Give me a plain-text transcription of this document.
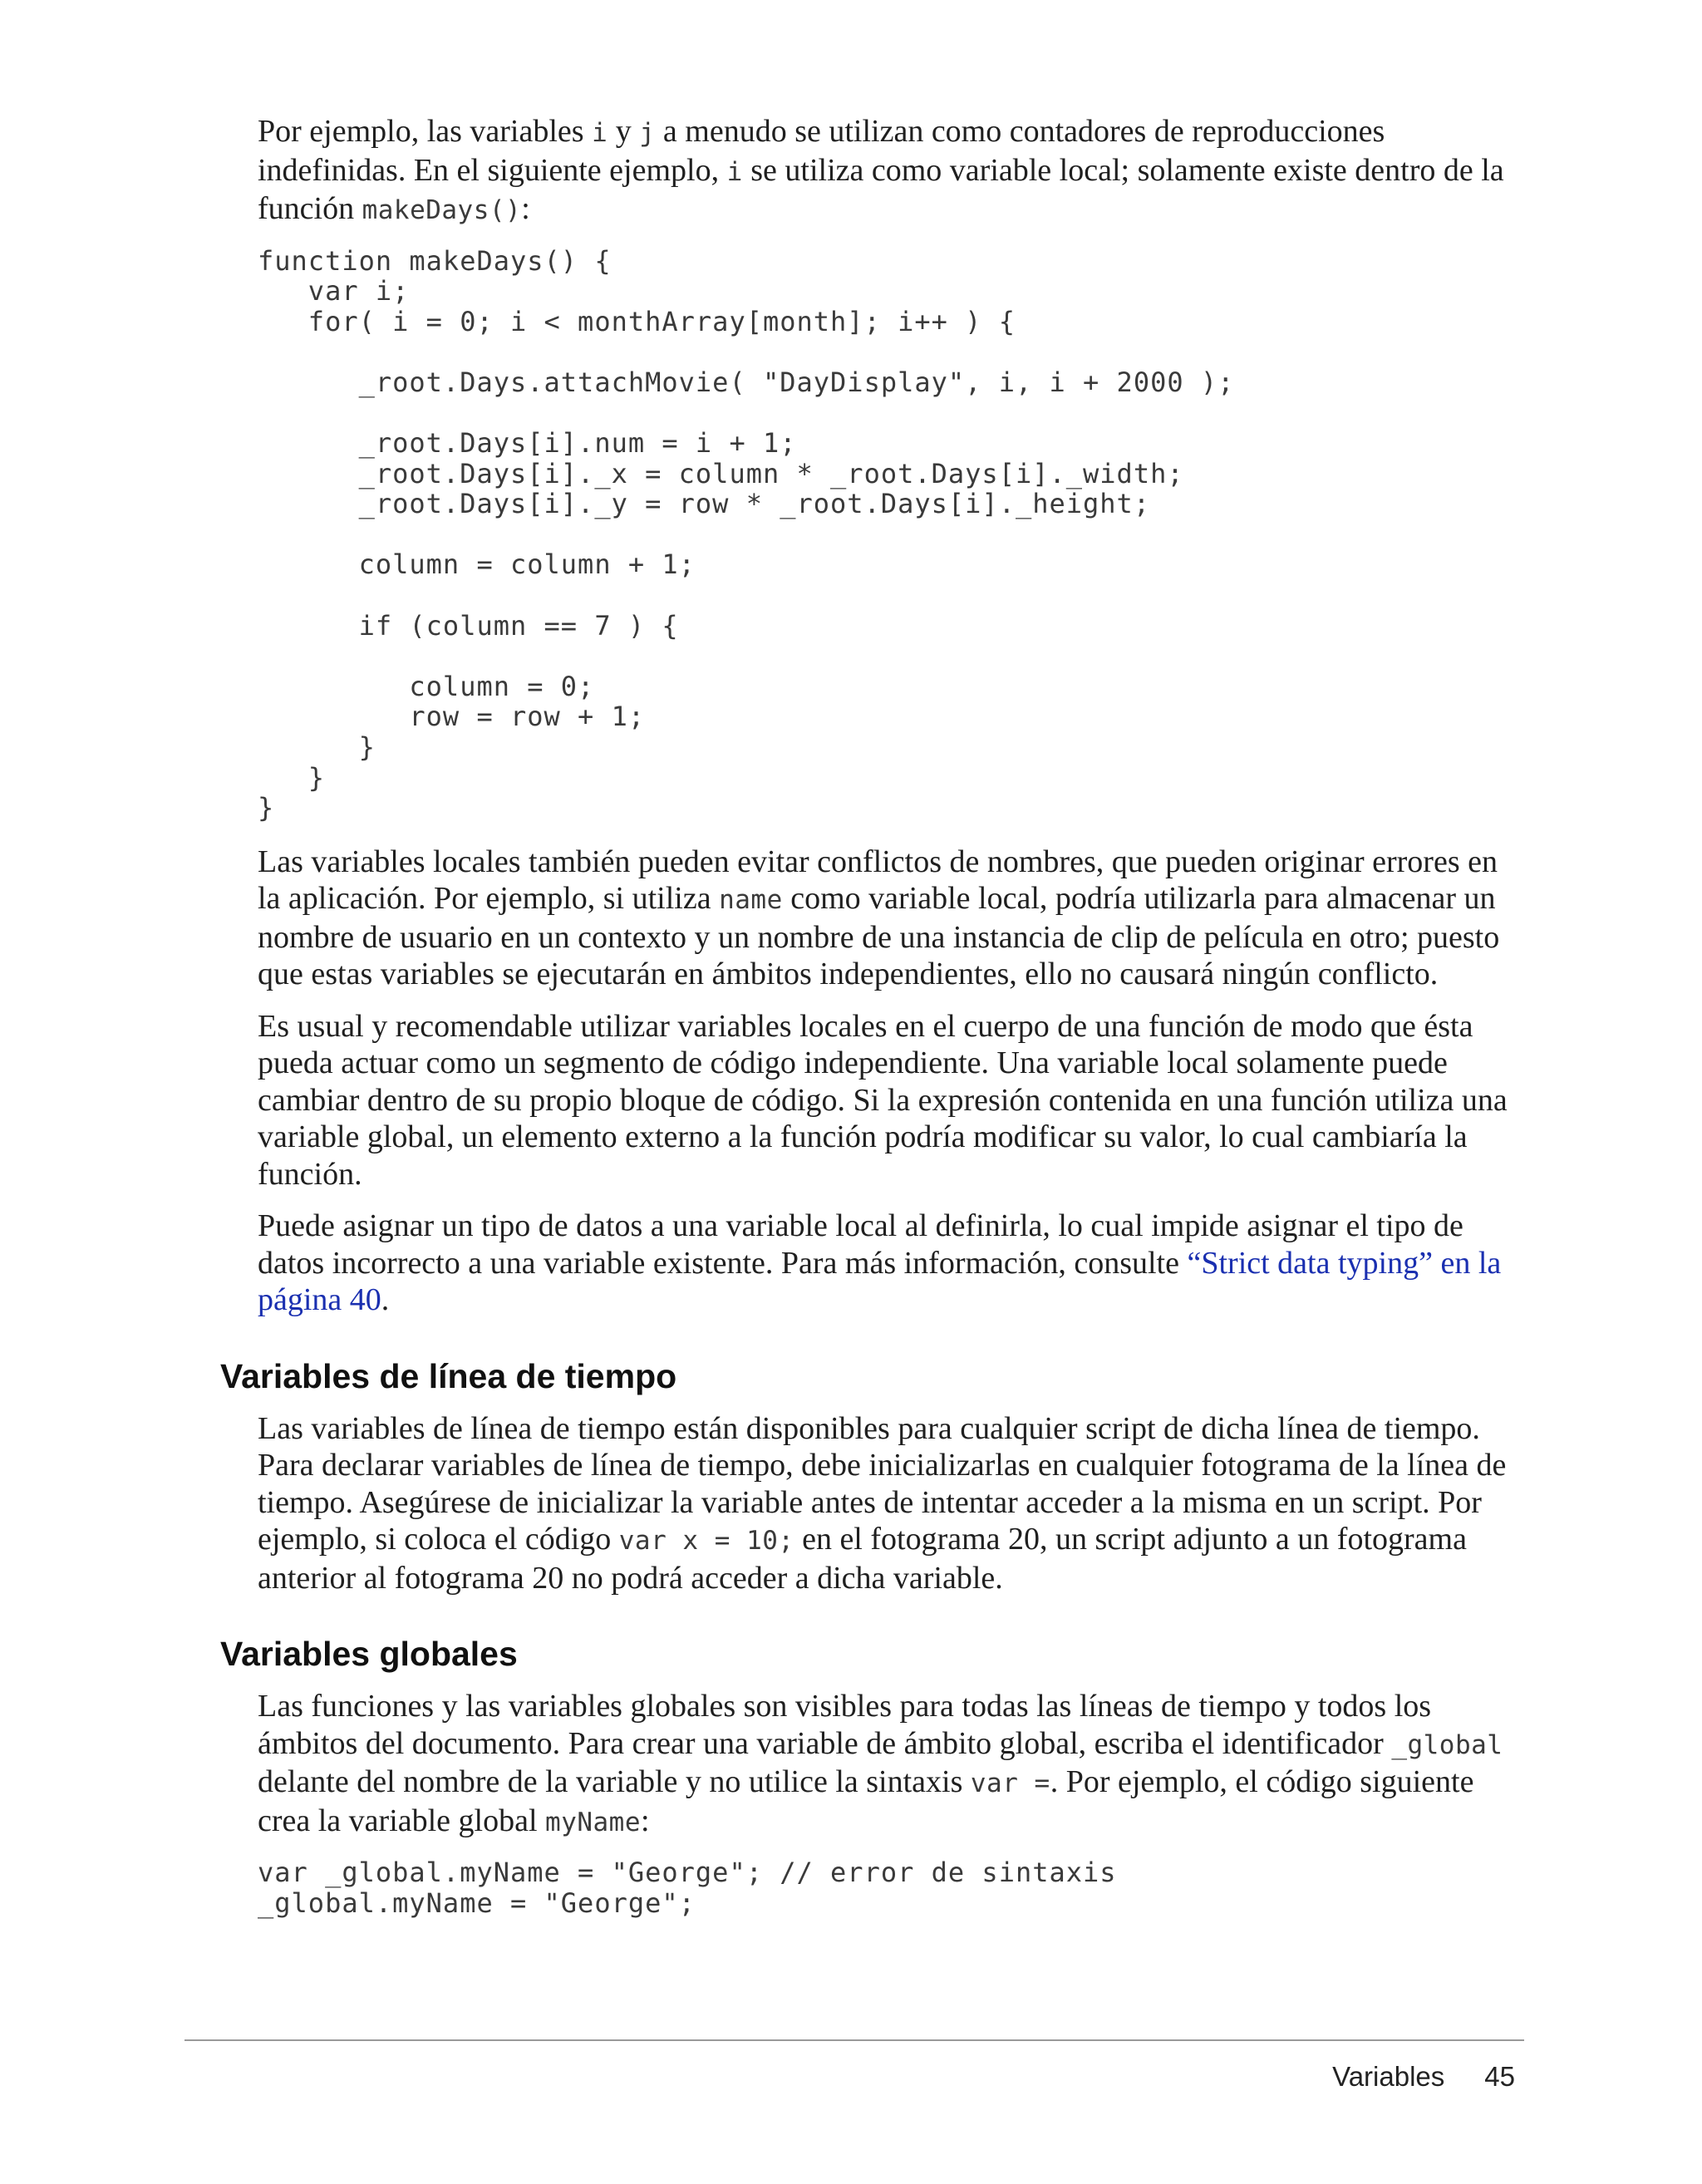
Por ejemplo, las variables i y j a menudo se utilizan como contadores de reproducciones indefinidas. En el siguiente ejemplo, i se utiliza como variable local; solamente existe dentro de la función makeDays():

function makeDays() {
var i;
for( i = 0; i < monthArray[month]; i++ ) {

_root.Days.attachMovie( "DayDisplay", i, i + 2000 );

_root.Days[i].num = i + 1;
_root.Days[i]._x = column * _root.Days[i]._width;
_root.Days[i]._y = row * _root.Days[i]._height;

column = column + 1;

if (column == 7 ) {

column = 0;
row = row + 1;
}
}
}

Las variables locales también pueden evitar conflictos de nombres, que pueden originar errores en la aplicación. Por ejemplo, si utiliza name como variable local, podría utilizarla para almacenar un nombre de usuario en un contexto y un nombre de una instancia de clip de película en otro; puesto que estas variables se ejecutarán en ámbitos independientes, ello no causará ningún conflicto.

Es usual y recomendable utilizar variables locales en el cuerpo de una función de modo que ésta pueda actuar como un segmento de código independiente. Una variable local solamente puede cambiar dentro de su propio bloque de código. Si la expresión contenida en una función utiliza una variable global, un elemento externo a la función podría modificar su valor, lo cual cambiaría la función.

Puede asignar un tipo de datos a una variable local al definirla, lo cual impide asignar el tipo de datos incorrecto a una variable existente. Para más información, consulte “Strict data typing” en la página 40.

Variables de línea de tiempo

Las variables de línea de tiempo están disponibles para cualquier script de dicha línea de tiempo. Para declarar variables de línea de tiempo, debe inicializarlas en cualquier fotograma de la línea de tiempo. Asegúrese de inicializar la variable antes de intentar acceder a la misma en un script. Por ejemplo, si coloca el código var x = 10; en el fotograma 20, un script adjunto a un fotograma anterior al fotograma 20 no podrá acceder a dicha variable.

Variables globales

Las funciones y las variables globales son visibles para todas las líneas de tiempo y todos los ámbitos del documento. Para crear una variable de ámbito global, escriba el identificador _global delante del nombre de la variable y no utilice la sintaxis var =. Por ejemplo, el código siguiente crea la variable global myName:

var _global.myName = "George"; // error de sintaxis
_global.myName = "George";
Variables 45
